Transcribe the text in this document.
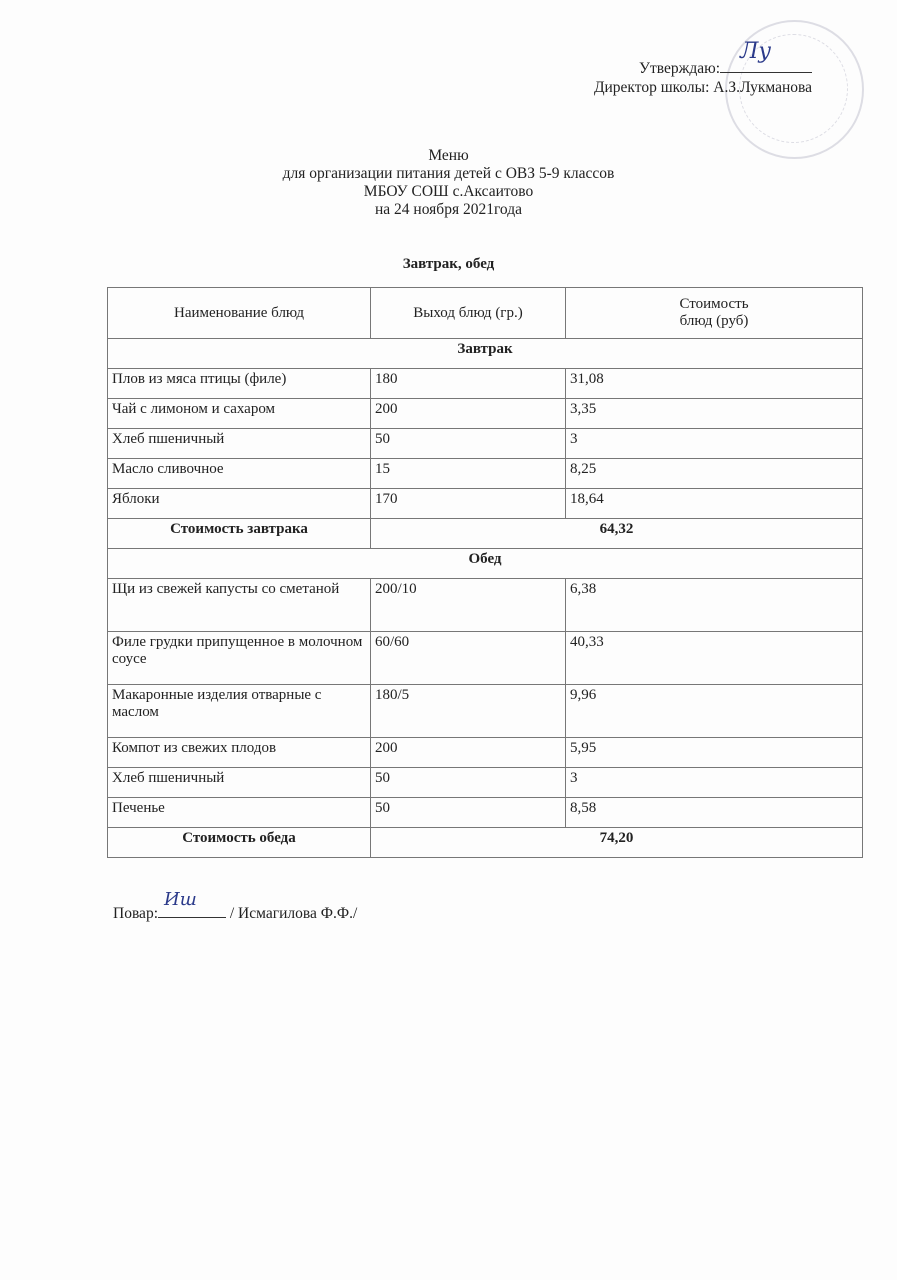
Утверждаю:
Лу
Директор школы: А.З.Лукманова
Меню
для организации питания детей с ОВЗ 5-9 классов
МБОУ СОШ с.Аксаитово
на 24 ноября 2021года
Завтрак, обед
Наименование блюд	Выход блюд (гр.)	Стоимость блюд (руб)
Завтрак		
Плов из мяса птицы (филе)	180	31,08
Чай с лимоном и сахаром	200	3,35
Хлеб пшеничный	50	3
Масло сливочное	15	8,25
Яблоки	170	18,64
Стоимость завтрака	64,32	
Обед		
Щи из свежей капусты со сметаной	200/10	6,38
Филе грудки припущенное в молочном соусе	60/60	40,33
Макаронные изделия отварные с маслом	180/5	9,96
Компот из свежих плодов	200	5,95
Хлеб пшеничный	50	3
Печенье	50	8,58
Стоимость обеда	74,20	
Повар:
Иш
/ Исмагилова Ф.Ф./
